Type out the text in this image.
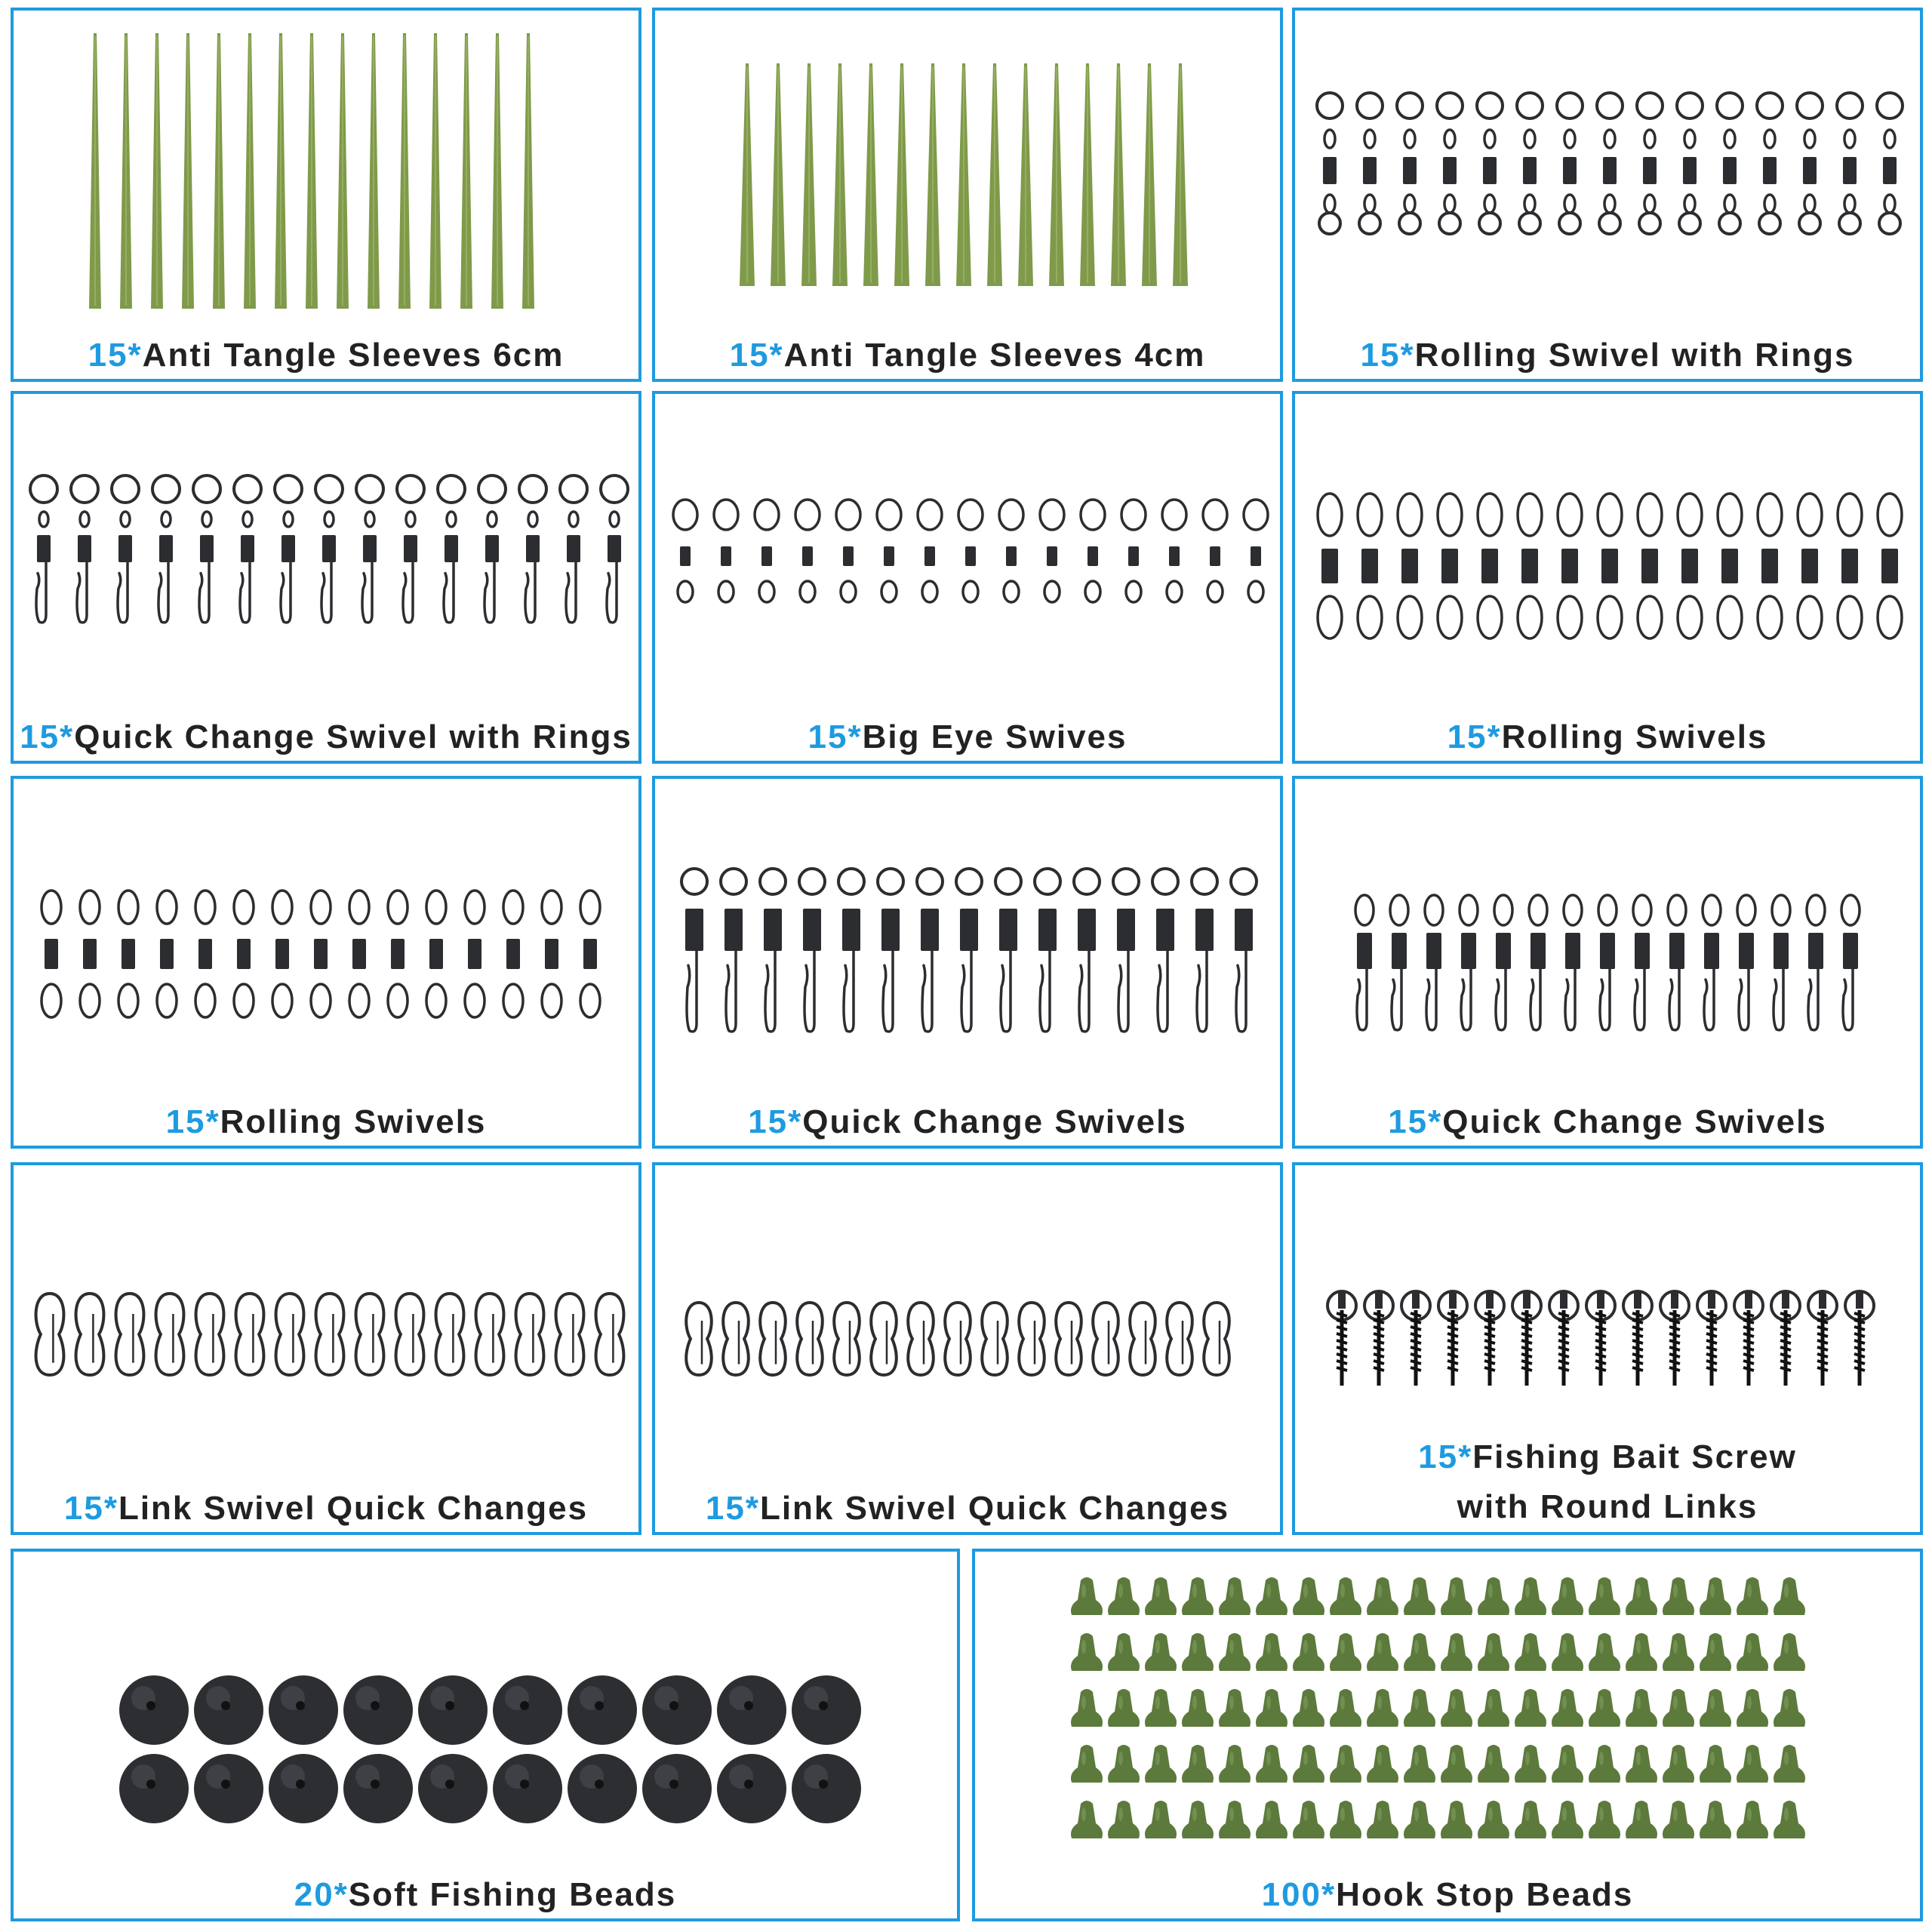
15*Anti Tangle Sleeves 6cm	15*Anti Tangle Sleeves 4cm	15*Rolling Swivel with Rings
15*Quick Change Swivel with Rings	15*Big Eye Swives	15*Rolling Swivels
15*Rolling Swivels	15*Quick Change Swivels	15*Quick Change Swivels
15*Link Swivel Quick Changes	15*Link Swivel Quick Changes
15*Fishing Bait Screw
with Round Links
20*Soft Fishing Beads	100*Hook Stop Beads
